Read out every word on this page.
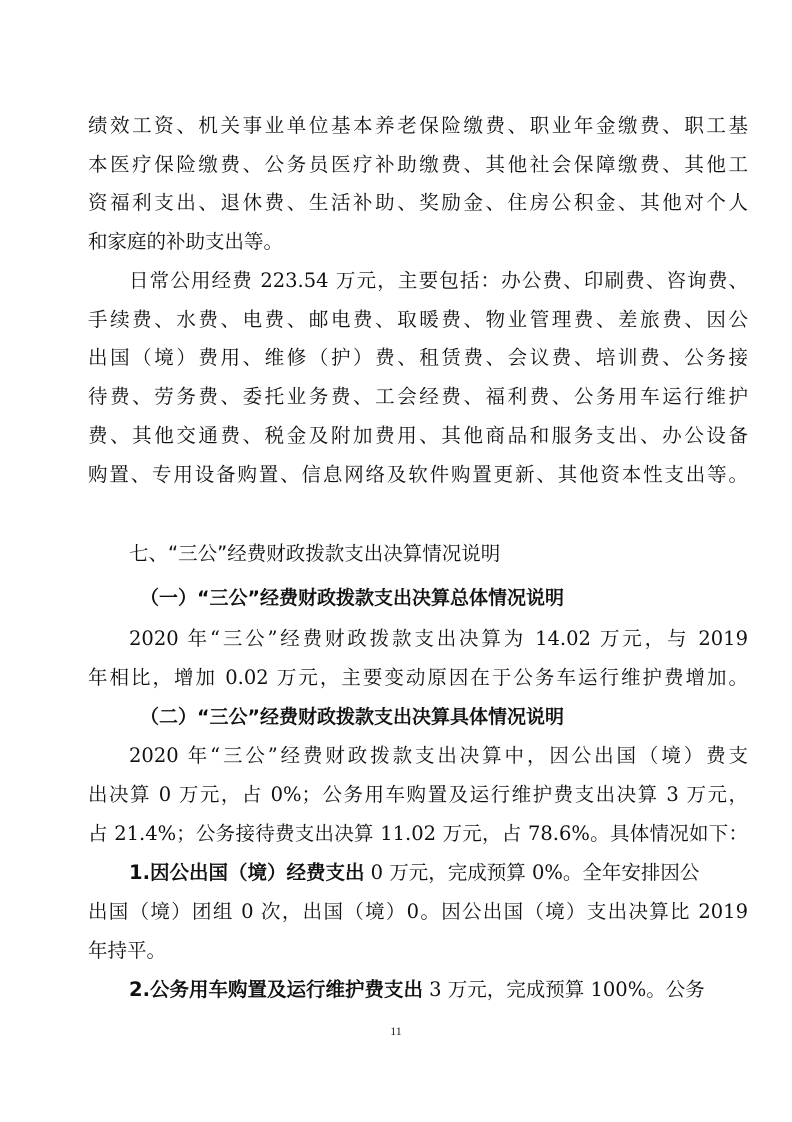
绩效工资、机关事业单位基本养老保险缴费、职业年金缴费、职工基
本医疗保险缴费、公务员医疗补助缴费、其他社会保障缴费、其他工
资福利支出、退休费、生活补助、奖励金、住房公积金、其他对个人
和家庭的补助支出等。
日常公用经费 223.54 万元，主要包括：办公费、印刷费、咨询费、
手续费、水费、电费、邮电费、取暖费、物业管理费、差旅费、因公
出国（境）费用、维修（护）费、租赁费、会议费、培训费、公务接
待费、劳务费、委托业务费、工会经费、福利费、公务用车运行维护
费、其他交通费、税金及附加费用、其他商品和服务支出、办公设备
购置、专用设备购置、信息网络及软件购置更新、其他资本性支出等。
七、“三公”经费财政拨款支出决算情况说明
（一）“三公”经费财政拨款支出决算总体情况说明
2020 年“三公”经费财政拨款支出决算为 14.02 万元，与 2019
年相比，增加 0.02 万元，主要变动原因在于公务车运行维护费增加。
（二）“三公”经费财政拨款支出决算具体情况说明
2020 年“三公”经费财政拨款支出决算中，因公出国（境）费支
出决算 0 万元，占 0%；公务用车购置及运行维护费支出决算 3 万元，
占 21.4%；公务接待费支出决算 11.02 万元，占 78.6%。具体情况如下：
1.因公出国（境）经费支出 0 万元，完成预算 0%。全年安排因公
出国（境）团组 0 次，出国（境）0。因公出国（境）支出决算比 2019
年持平。
2.公务用车购置及运行维护费支出 3 万元，完成预算 100%。公务
11
